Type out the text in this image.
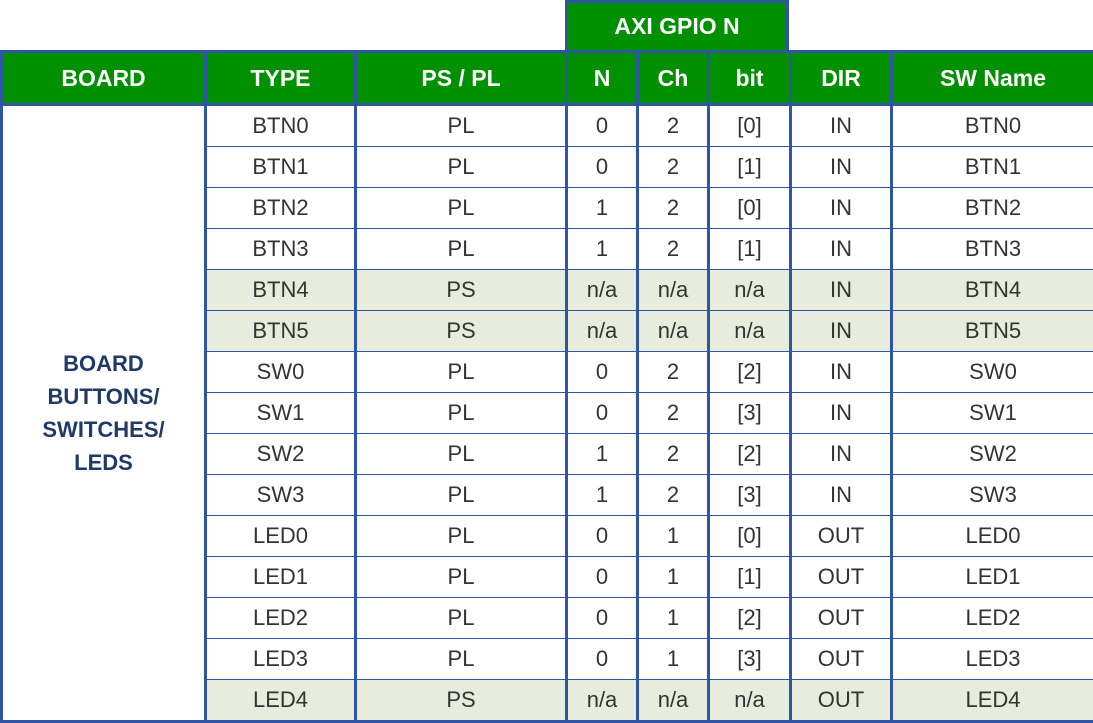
AXI GPIO N
BOARD	TYPE	PS / PL	N	Ch	bit	DIR	SW Name

BOARD
BUTTONS/
SWITCHES/
LEDS	BTN0	PL	0	2	[0]	IN	BTN0
	BTN1	PL	0	2	[1]	IN	BTN1
	BTN2	PL	1	2	[0]	IN	BTN2
	BTN3	PL	1	2	[1]	IN	BTN3
	BTN4	PS	n/a	n/a	n/a	IN	BTN4
	BTN5	PS	n/a	n/a	n/a	IN	BTN5
	SW0	PL	0	2	[2]	IN	SW0
	SW1	PL	0	2	[3]	IN	SW1
	SW2	PL	1	2	[2]	IN	SW2
	SW3	PL	1	2	[3]	IN	SW3
	LED0	PL	0	1	[0]	OUT	LED0
	LED1	PL	0	1	[1]	OUT	LED1
	LED2	PL	0	1	[2]	OUT	LED2
	LED3	PL	0	1	[3]	OUT	LED3
	LED4	PS	n/a	n/a	n/a	OUT	LED4
